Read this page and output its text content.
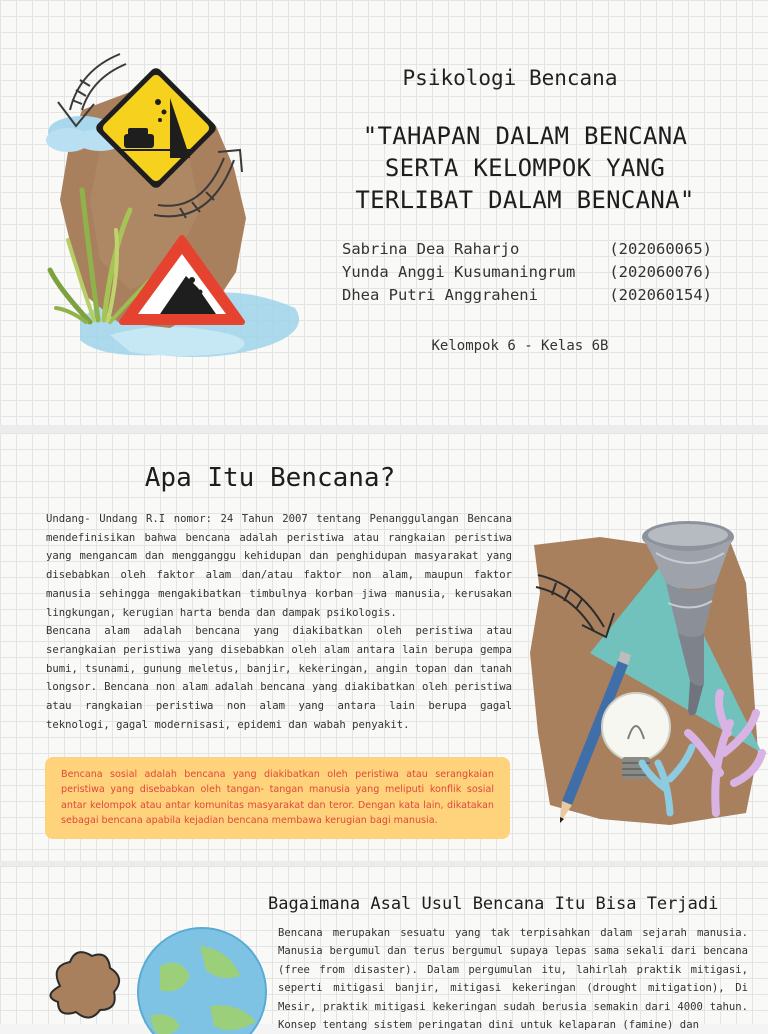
Psikologi Bencana
"TAHAPAN DALAM BENCANA SERTA KELOMPOK YANG TERLIBAT DALAM BENCANA"
Sabrina Dea Raharjo	(202060065)
Yunda Anggi Kusumaningrum (202060076)
Dhea Putri Anggraheni	(202060154)
Kelompok 6 - Kelas 6B
Apa Itu Bencana?

Undang- Undang R.I nomor: 24 Tahun 2007 tentang Penanggulangan Bencana mendefinisikan bahwa bencana adalah peristiwa atau rangkaian peristiwa yang mengancam dan mengganggu kehidupan dan penghidupan masyarakat yang disebabkan oleh faktor alam dan/atau faktor non alam, maupun faktor manusia sehingga mengakibatkan timbulnya korban jiwa manusia, kerusakan lingkungan, kerugian harta benda dan dampak psikologis.

Bencana alam adalah bencana yang diakibatkan oleh peristiwa atau serangkaian peristiwa yang disebabkan oleh alam antara lain berupa gempa bumi, tsunami, gunung meletus, banjir, kekeringan, angin topan dan tanah longsor. Bencana non alam adalah bencana yang diakibatkan oleh peristiwa atau rangkaian peristiwa non alam yang antara lain berupa gagal teknologi, gagal modernisasi, epidemi dan wabah penyakit.

Bencana sosial adalah bencana yang diakibatkan oleh peristiwa atau serangkaian peristiwa yang disebabkan oleh tangan- tangan manusia yang meliputi konflik sosial antar kelompok atau antar komunitas masyarakat dan teror. Dengan kata lain, dikatakan sebagai bencana apabila kejadian bencana membawa kerugian bagi manusia.
Bagaimana Asal Usul Bencana Itu Bisa Terjadi
Bencana merupakan sesuatu yang tak terpisahkan dalam sejarah manusia. Manusia bergumul dan terus bergumul supaya lepas sama sekali dari bencana (free from disaster). Dalam pergumulan itu, lahirlah praktik mitigasi, seperti mitigasi banjir, mitigasi kekeringan (drought mitigation), Di Mesir, praktik mitigasi kekeringan sudah berusia semakin dari 4000 tahun. Konsep tentang sistem peringatan dini untuk kelaparan (famine) dan
